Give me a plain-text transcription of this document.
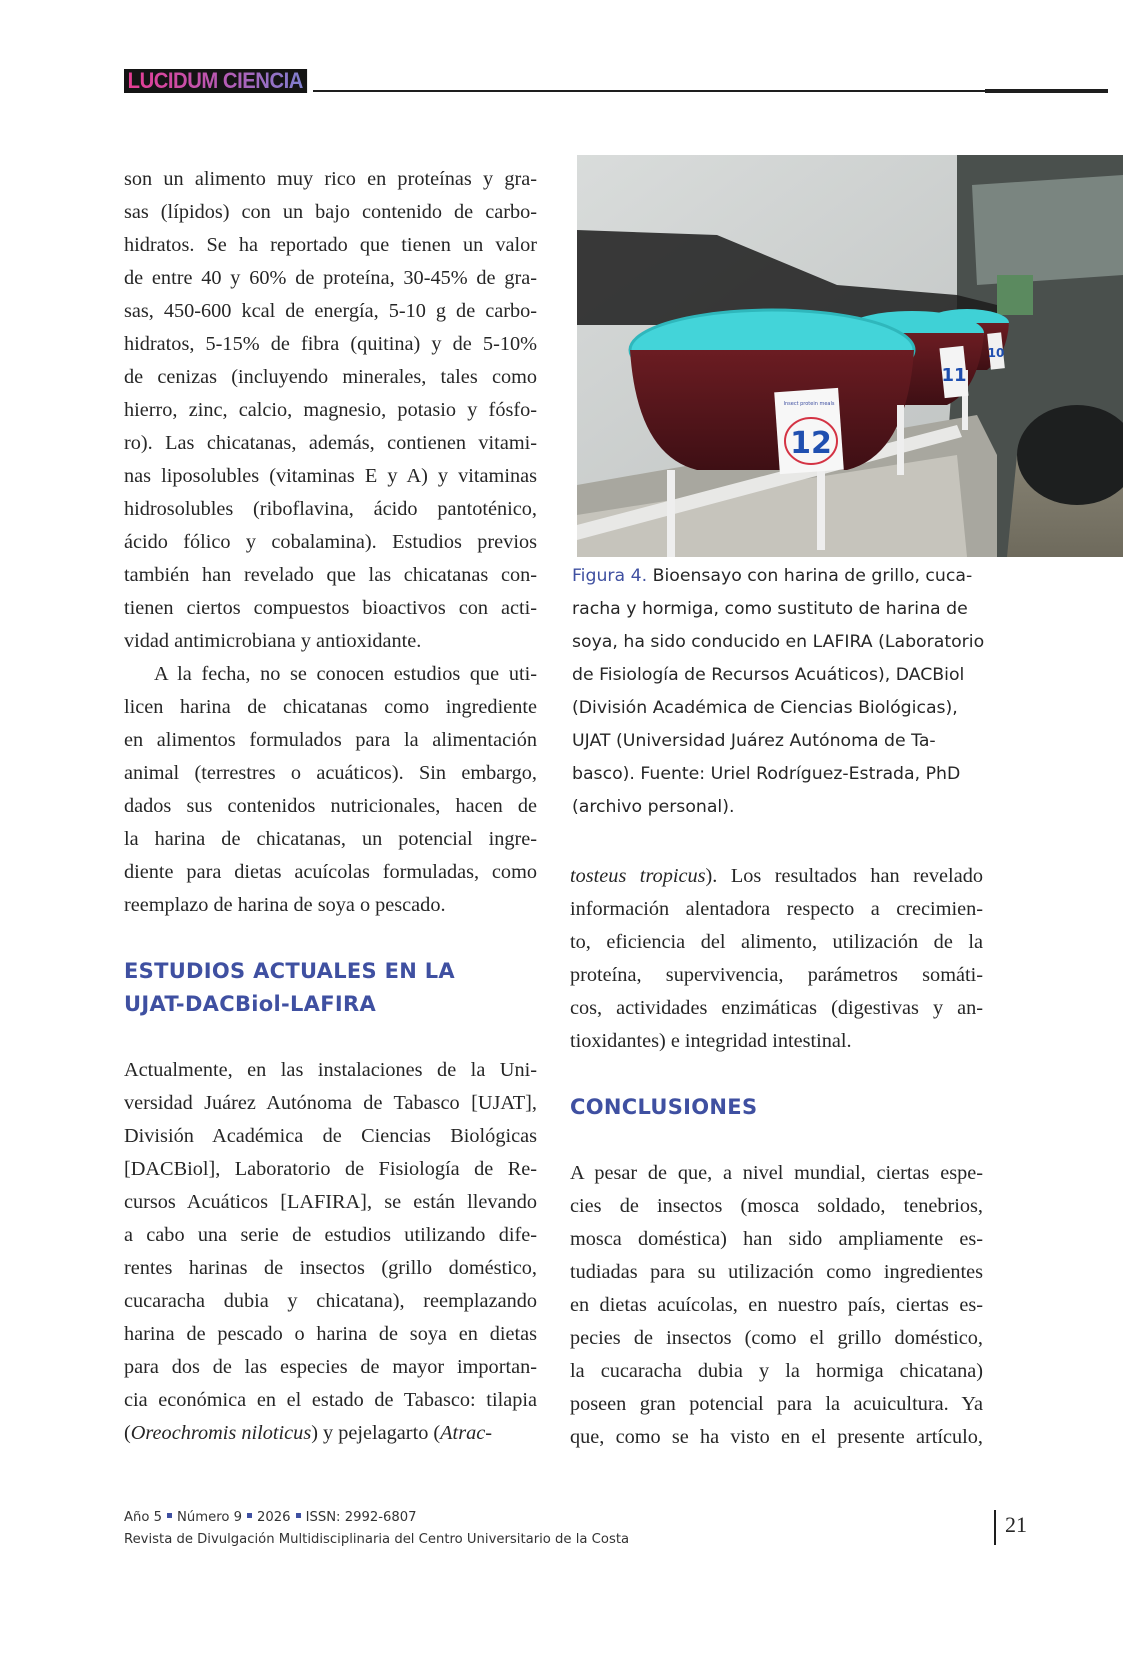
LUCIDUM CIENCIA
son un alimento muy rico en proteínas y gra-
sas (lípidos) con un bajo contenido de carbo-
hidratos. Se ha reportado que tienen un valor
de entre 40 y 60% de proteína, 30-45% de gra-
sas, 450-600 kcal de energía, 5-10 g de carbo-
hidratos, 5-15% de fibra (quitina) y de 5-10%
de cenizas (incluyendo minerales, tales como
hierro, zinc, calcio, magnesio, potasio y fósfo-
ro). Las chicatanas, además, contienen vitami-
nas liposolubles (vitaminas E y A) y vitaminas
hidrosolubles (riboflavina, ácido pantoténico,
ácido fólico y cobalamina). Estudios previos
también han revelado que las chicatanas con-
tienen ciertos compuestos bioactivos con acti-
vidad antimicrobiana y antioxidante.
A la fecha, no se conocen estudios que uti-
licen harina de chicatanas como ingrediente
en alimentos formulados para la alimentación
animal (terrestres o acuáticos). Sin embargo,
dados sus contenidos nutricionales, hacen de
la harina de chicatanas, un potencial ingre-
diente para dietas acuícolas formuladas, como
reemplazo de harina de soya o pescado.
ESTUDIOS ACTUALES EN LA
UJAT-DACBiol-LAFIRA
Actualmente, en las instalaciones de la Uni-
versidad Juárez Autónoma de Tabasco [UJAT],
División Académica de Ciencias Biológicas
[DACBiol], Laboratorio de Fisiología de Re-
cursos Acuáticos [LAFIRA], se están llevando
a cabo una serie de estudios utilizando dife-
rentes harinas de insectos (grillo doméstico,
cucaracha dubia y chicatana), reemplazando
harina de pescado o harina de soya en dietas
para dos de las especies de mayor importan-
cia económica en el estado de Tabasco: tilapia
(Oreochromis niloticus) y pejelagarto (Atrac-
12
Insect protein meals
11
10
Figura 4. Bioensayo con harina de grillo, cuca-
racha y hormiga, como sustituto de harina de
soya, ha sido conducido en LAFIRA (Laboratorio
de Fisiología de Recursos Acuáticos), DACBiol
(División Académica de Ciencias Biológicas),
UJAT (Universidad Juárez Autónoma de Ta-
basco). Fuente: Uriel Rodríguez-Estrada, PhD
(archivo personal).
tosteus tropicus). Los resultados han revelado
información alentadora respecto a crecimien-
to, eficiencia del alimento, utilización de la
proteína, supervivencia, parámetros somáti-
cos, actividades enzimáticas (digestivas y an-
tioxidantes) e integridad intestinal.
CONCLUSIONES
A pesar de que, a nivel mundial, ciertas espe-
cies de insectos (mosca soldado, tenebrios,
mosca doméstica) han sido ampliamente es-
tudiadas para su utilización como ingredientes
en dietas acuícolas, en nuestro país, ciertas es-
pecies de insectos (como el grillo doméstico,
la cucaracha dubia y la hormiga chicatana)
poseen gran potencial para la acuicultura. Ya
que, como se ha visto en el presente artículo,
Año 5 Número 9 2026 ISSN: 2992-6807
Revista de Divulgación Multidisciplinaria del Centro Universitario de la Costa
21
